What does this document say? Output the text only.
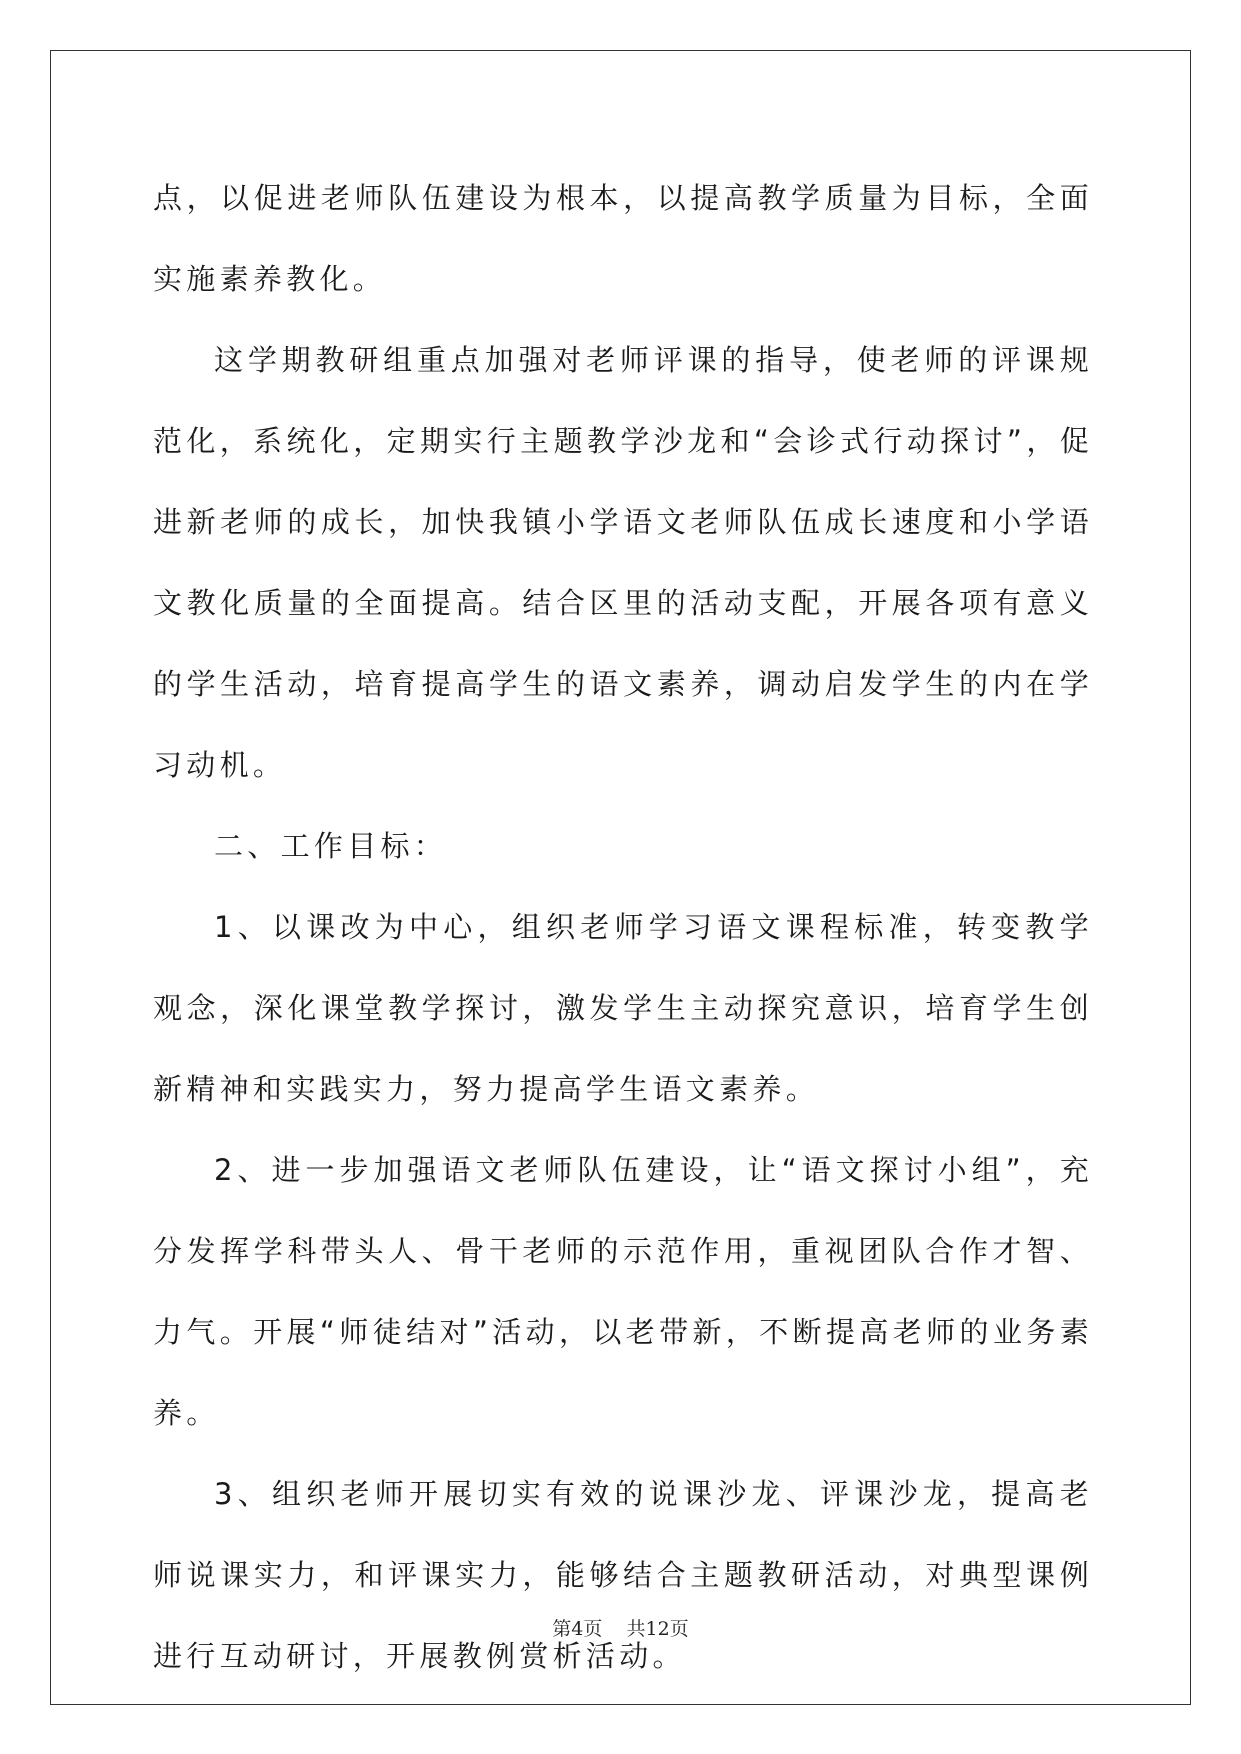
点，以促进老师队伍建设为根本，以提高教学质量为目标，全面实施素养教化。

这学期教研组重点加强对老师评课的指导，使老师的评课规范化，系统化，定期实行主题教学沙龙和“会诊式行动探讨”，促进新老师的成长，加快我镇小学语文老师队伍成长速度和小学语文教化质量的全面提高。结合区里的活动支配，开展各项有意义的学生活动，培育提高学生的语文素养，调动启发学生的内在学习动机。

二、工作目标：

1、以课改为中心，组织老师学习语文课程标准，转变教学观念，深化课堂教学探讨，激发学生主动探究意识，培育学生创新精神和实践实力，努力提高学生语文素养。

2、进一步加强语文老师队伍建设，让“语文探讨小组”，充分发挥学科带头人、骨干老师的示范作用，重视团队合作才智、力气。开展“师徒结对”活动，以老带新，不断提高老师的业务素养。

3、组织老师开展切实有效的说课沙龙、评课沙龙，提高老师说课实力，和评课实力，能够结合主题教研活动，对典型课例进行互动研讨，开展教例赏析活动。

第4页 共12页
